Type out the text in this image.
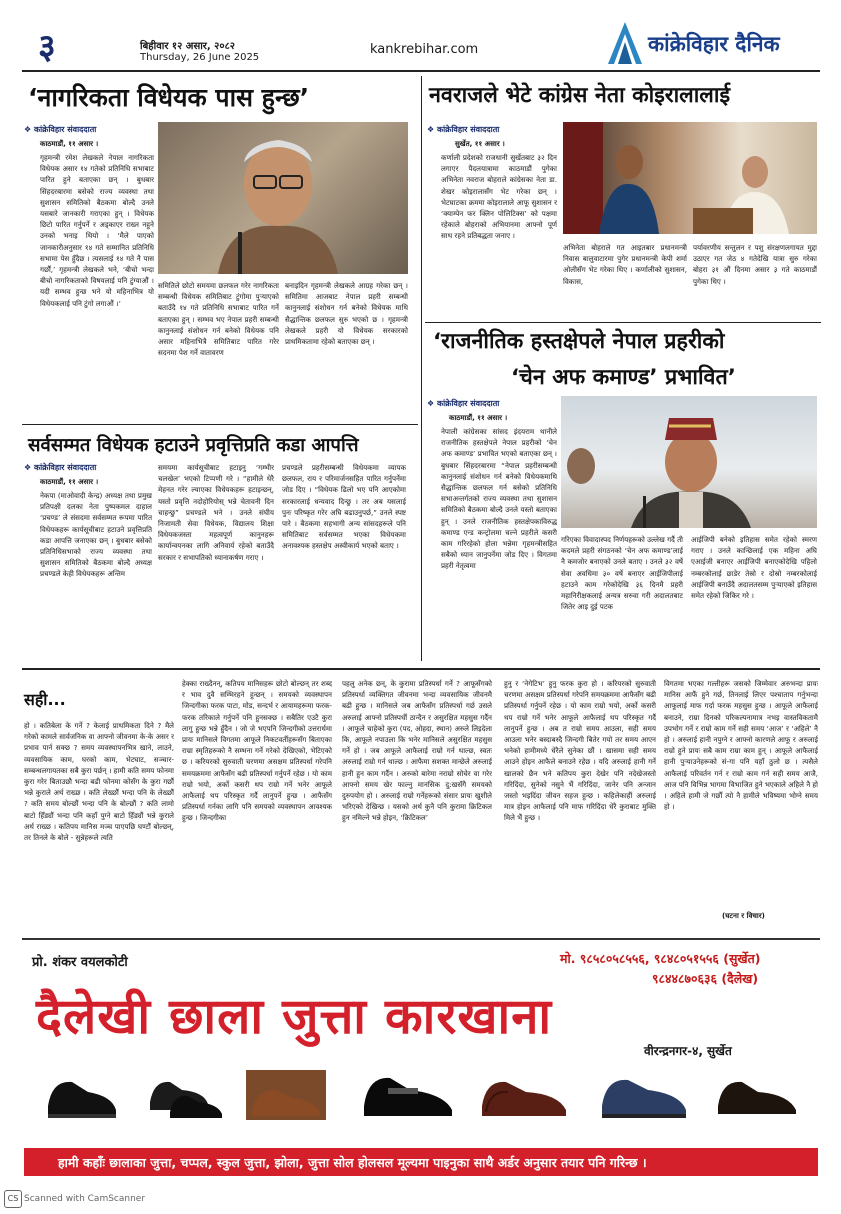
३	बिहीवार १२ असार, २०८२
Thursday, 26 June 2025
kankrebihar.com	कांक्रेविहार दैनिक
‘नागरिकता विधेयक पास हुन्छ’
❖ कांक्रेविहार संवाददाता
काठमाडौं, ११ असार ।
गृहमन्त्री रमेश लेखकले नेपाल नागरिकता विधेयक असार १४ गतेको प्रतिनिधि सभाबाट पारित हुने बताएका छन् । बुधबार सिंहदरबारमा बसेको राज्य व्यवस्था तथा सुशासन समितिको बैठकमा बोल्दै उनले यसबारे जानकारी गराएका हुन् । विधेयक छिटो पारित गर्नुपर्ने र अड्काएर राख्न नहुने उनको भनाइ थियो । ‘मैले पाएको जानकारीअनुसार १४ गते सम्मानित प्रतिनिधि सभामा पेस हुँदैछ । त्यसलाई १४ गते नै पास गर्छौं,’ गृहमन्त्री लेखकले भने, ‘बीचो भन्दा बीचो नागरिकताको विषयलाई पनि टुंग्याऔं । यदी सम्भव हुन्छ भने यो महिनाभित्र यो विधेयकलाई पनि टुंगो लगाऔं ।’
समितिले छोटो समयमा छलफल गरेर नागरिकता सम्बन्धी विधेयक समितिबाट टुंगोमा पुऱ्याएको बताउँदै १४ गते प्रतिनिधि सभाबाट पारित गर्ने बताएका हुन् । सम्भव भए नेपाल प्रहरी सम्बन्धी कानुनलाई संशोधन गर्न बनेको विधेयक पनि असार महिनाभित्रै समितिबाट पारित गरेर सदनमा पेश गर्ने वातावरण
बनाइदिन गृहमन्त्री लेखकले आग्रह गरेका छन् । समितिमा आजबाट नेपाल प्रहरी सम्बन्धी कानुनलाई संशोधन गर्न बनेको विधेयक माथि सैद्धान्तिक छलफल सुरु भएको छ । गृहमन्त्री लेखकले प्रहरी यो विधेयक सरकारको प्राथमिकतामा रहेको बताएका छन् ।
सर्वसम्मत विधेयक हटाउने प्रवृत्तिप्रति कडा आपत्ति
❖ कांक्रेविहार संवाददाता
काठमाडौं, ११ असार ।
नेकपा (माओवादी केन्द्र) अध्यक्ष तथा प्रमुख प्रतिपक्षी दलका नेता पुष्पकमल दाहाल ‘प्रचण्ड’ ले संसदमा सर्वसम्मत रूपमा पारित विधेयकहरू कार्यसूचीबाट हटाउने प्रवृत्तिप्रति कडा आपत्ति जनाएका छन् । बुधबार बसेको प्रतिनिधिसभाको राज्य व्यवस्था तथा सुशासन समितिको बैठकमा बोल्दै अध्यक्ष प्रचण्डले केही विधेयकहरू अन्तिम
समयमा कार्यसूचीबाट हटाइनु ‘गम्भीर चलखेल’ भएको टिप्पणी गरे । “हामीले धेरै मेहनत गरेर ल्याएका विधेयकहरू हटाइन्छन्, यस्तो प्रवृत्ति नदोहोरियोस् भन्ने चेतावनी दिन चाहन्छु” प्रचण्डले भने । उनले संघीय निजामती सेवा विधेयक, विद्यालय शिक्षा विधेयकजस्ता महत्वपूर्ण कानुनहरू कार्यान्वयनका लागि अनिवार्य रहेको बताउँदै सरकार र सभापतिको ध्यानाकर्षण गराए ।
प्रचण्डले प्रहरीसम्बन्धी विधेयकमा व्यापक छलफल, राय र परिमार्जनसहित पारित गर्नुपर्नेमा जोड दिए । “विधेयक ढिलो भए पनि आएकोमा सरकारलाई धन्यवाद दिन्छु । तर अब यसलाई पुनः परिष्कृत गरेर अघि बढाउनुपर्छ,” उनले स्पष्ट पारे । बैठकमा सहभागी अन्य सांसदहरूले पनि समितिबाट सर्वसम्मत भएका विधेयकमा अनावश्यक हस्तक्षेप अस्वीकार्य भएको बताए ।
नवराजले भेटे कांग्रेस नेता कोइरालालाई
❖ कांक्रेविहार संवाददाता
सुर्खेत, ११ असार ।
कर्णाली प्रदेशको राजधानी सुर्खेतबाट ३२ दिन लगाएर पैदलयात्रामा काठमाडौं पुगेका अभिनेता नवराज बोहराले कांग्रेसका नेता डा. शेखर कोइरालासँग भेट गरेका छन् । भेटघाटका क्रममा कोइरालाले आफू सुशासन र ‘क्याम्पेन फर क्लिन पोलिटिक्स’ को पक्षमा रहेकाले बोहराको अभियानमा आफ्नो पूर्ण साथ रहने प्रतिबद्धता जनाए ।
अभिनेता बोहराले गत आइतबार प्रधानमन्त्री निवास बालुवाटारमा पुगेर प्रधानमन्त्री केपी शर्मा ओलीसँग भेट गरेका थिए । कर्णालीको सुशासन, विकास,
पर्यावरणीय सन्तुलन र पशु संरक्षणलगायत मुद्दा उठाएर गत जेठ ४ गतेदेखि यात्रा सुरु गरेका बोहरा ३१ औं दिनमा असार ३ गते काठमाडौं पुगेका थिए ।
‘राजनीतिक हस्तक्षेपले नेपाल प्रहरीको
‘चेन अफ कमाण्ड’ प्रभावित’
❖ कांक्रेविहार संवाददाता
काठमाडौं, ११ असार ।
नेपाली कांग्रेसका सांसद इंदयराम थानीले राजनीतिक हस्तक्षेपले नेपाल प्रहरीको ‘चेन अफ कमाण्ड’ प्रभावित भएको बताएका छन् । बुधबार सिंहदरबारमा “नेपाल प्रहरीसम्बन्धी कानुनलाई संशोधन गर्न बनेको विधेयकमाथि सैद्धान्तिक छलफल गर्न बसेको प्रतिनिधि सभाअन्तर्गतको राज्य व्यवस्था तथा सुशासन समितिको बैठकमा बोल्दै उनले यस्तो बताएका हुन् । उनले राजनीतिक हस्तक्षेपकाविरुद्ध कमाण्ड एन्ड कन्ट्रोलमा चल्ने प्रहरीले कसरी काम गरिरहेको होला भन्नेमा गृहमन्त्रीसहित सबैको ध्यान जानुपर्नेमा जोड दिए । विगतमा प्रहरी नेतृत्वमा
गरिएका विवादास्पद निर्णयहरूको उल्लेख गर्दै ती कदमले प्रहरी संगठनको ‘चेन अफ कमाण्ड’लाई नै कमजोर बनाएको उनले बताए । उनले ३२ वर्षे सेवा अवधिमा ३० वर्षे बनाएर आईजिपीलाई हटाउने काम गरेकोदेखि ३६ दिनमै प्रहरी महानिरीक्षकलाई अन्यत्र सरुवा गरी अदालतबाट जितेर आइ दुई पटक
आईजिपी बनेको इतिहास समेत रहेको स्मरण गराए । उनले कान्छिलाई एक महिना अघि एआईजी बनाएर आईजिपी बनाएकोदेखि पहिलो नम्बरकोलाई छाडेर तेस्रो र दोस्रो नम्बरकोलाई आईजिपी बनाउँदै अदालतसम्म पुऱ्याएको इतिहास समेत रहेको जिकिर गरे ।
सही...
हो । कतिबेला के गर्ने ? केलाई प्राथमिकता दिने ? मैले गरेको कामले सार्वजनिक वा आफ्नो जीवनमा के-के असर र प्रभाव पार्न सक्छ ? समय व्यवस्थापनभित्र खाने, लाउने, व्यवसायिक काम, घरको काम, भेटघाट, सञ्चार-सम्बन्धलगायतका सबै कुरा पर्छन् । हामी कति समय फोनमा कुरा गरेर बिताउछौ भन्दा बढी फोनमा कोसँग के कुरा गर्छौ भन्ने कुराले अर्थ राख्छ । कति लेख्छौं भन्दा पनि के लेख्छौं ? कति समय बोल्छौं भन्दा पनि के बोल्छौं ? कति लामो बाटो हिँड्यौं भन्दा पनि कहाँ पुग्ने बाटो हिँड्यौं भन्ने कुराले अर्थ राख्छ । कतिपय मानिस मञ्च पाएपछि घण्टौं बोल्छन्, तर तिनले के बोले - सुन्नेहरूले त्यति
हेक्का राख्दैनन्, कतिपय मानिसहरू छोटो बोल्छन् तर शब्द र भाव दुवै सम्भिरहने हुन्छन् । समयको व्यवस्थापन जिन्दगीका फरक पाटा, मोड, सन्दर्भ र आयामहरूमा फरक-फरक तरिकाले गर्नुपर्ने पनि हुनसक्छ । सबैतिर एउटै कुरा लागु हुन्छ भन्ने हुँदैन । जो जे भएपनि जिन्दगीको उत्तरार्धमा प्रायः मानिसले विगतमा आफूले निकटवर्तीहरूसँग बिताएका राम्रा स्मृतिहरूको नै सम्भना गर्ने गरेको देखिएको, भेटिएको छ । करियरको सुरुवाती चरणमा असक्षम प्रतिस्पर्धा गरेपनि समयक्रममा आफैसँग बढी प्रतिस्पर्धा गर्नुपर्ने रहेछ । यो काम राम्रो भयो, अर्को कसरी थप राम्रो गर्ने भनेर आफूले आफैलाई थप परिस्कृत गर्दै लानुपर्ने हुन्छ । आफैसँग प्रतिस्पर्धा गर्नका लागि पनि समयको व्यवस्थापन आवश्यक हुन्छ । जिन्दगीका
पहलु अनेक छन्, के कुरामा प्रतिस्पर्धा गर्ने ? आफूसँगको प्रतिस्पर्धा व्यक्तिगत जीवनमा भन्दा व्यवसायिक जीवनमै बढी हुन्छ । मानिसले जब आफैसँग प्रतिस्पर्धा गर्छ उसले अरुलाई आफ्नो प्रतिस्पर्धी ठान्दैन र असुरक्षित महसुस गर्दैन । आफूले चाहेको कुरा (पद, ओहदा, स्थान) अरुले लिइदेला कि, आफूले नपाउला कि भनेर मानिसले असुरक्षित महसुस गर्ने हो । जब आफूले आफैलाई राम्रो गर्न थाल्छ, स्वतः अरुलाई राम्रो गर्न थाल्छ । आफैमा सशक्त मान्छेले अरुलाई हानी हुन काम गर्दैन । अरुको बारेमा नराम्रो सोचेर वा गरेर आफ्नो समय खेर फाल्नु मानसिक दु:खसँगै समयको दुरुपयोग हो । अरुलाई राम्रो गर्नेहरूको संसार प्रायः खुशीले भरिएको देखिन्छ । यसको अर्थ कुनै पनि कुरामा क्रिटिकल हुन नमिल्ने भन्ने होइन, ‘क्रिटिकल’
हुनु र ‘नेगेटिभ’ हुनु फरक कुरा हो । करियरको सुरुवाती चरणमा असक्षम प्रतिस्पर्धा गरेपनि समयक्रममा आफैसँग बढी प्रतिस्पर्धा गर्नुपर्ने रहेछ । यो काम राम्रो भयो, अर्को कसरी थप राम्रो गर्ने भनेर आफूले आफैलाई थप परिस्कृत गर्दै लानुपर्ने हुन्छ । अब त राम्रो समय आउला, सही समय आउला भनेर बस्दाबस्दै जिन्दगी बितेर गयो तर समय आएन भनेको हामीमध्ये धेरैले सुनेका छौं । खासमा सही समय आउने होइन आफैले बनाउने रहेछ । यदि अरुलाई हानी गर्ने खालको छैन भने कतिपय कुरा देखेर पनि नदेखेजस्तो गरिदिंदा, सुनेको नसुने भैं गरिदिंदा, जानेर पनि अन्जान जस्तो भइदिंदा जीवन सहज हुन्छ । कहिलेकाहीं अरुलाई मात्र होइन आफैलाई पनि माफ गरिदिंदा धेरै कुराबाट मुक्ति मिले भैं हुन्छ ।
विगतमा भएका गल्तीहरू जसको जिम्मेवार अरुभन्दा प्रायः मानिस आफैं हुने गर्छ, तिनलाई लिएर पश्चाताप गर्नुभन्दा आफूलाई माफ गर्दा फरक महसुस हुन्छ । आफूले आफैलाई बनाउने, राम्रा दिनको परिकल्पनामात्र नभइ वास्तविकतामै उपभोग गर्ने र राम्रो काम गर्ने सही समय ‘आज’ र ‘अहिले’ नै हो । अरुलाई हानी नपुग्ने र आफ्नो कारणले आफू र अरुलाई राम्रो हुने प्रायः सबै काम राम्रा काम हुन् । आफूले आफैलाई हानी पुऱ्याउनेहरूको सं-गा पनि यहाँ ठुलो छ । त्यसैले आफैलाई परिवर्तन गर्न र राम्रो काम गर्न सही समय आजै, आज पनि विभिन्न भागमा विभाजित हुने भएकाले अहिले नै हो । अहिले हामी जे गर्छौं त्यो नै हामीले भविष्यमा भोग्ने समय हो ।
(घटना र विचार)
प्रो. शंकर वयलकोटी	मो. ९८५८०५८५५६, ९८४८०५१५५६ (सुर्खेत)
९८४४८७०६३६ (दैलेख)
दैलेखी छाला जुत्ता कारखाना
वीरन्द्रनगर-४, सुर्खेत
हामी कहाँः छालाका जुत्ता, चप्पल, स्कुल जुत्ता, झोला, जुत्ता सोल होलसल मूल्यमा पाइनुका साथै अर्डर अनुसार तयार पनि गरिन्छ ।
CS Scanned with CamScanner
